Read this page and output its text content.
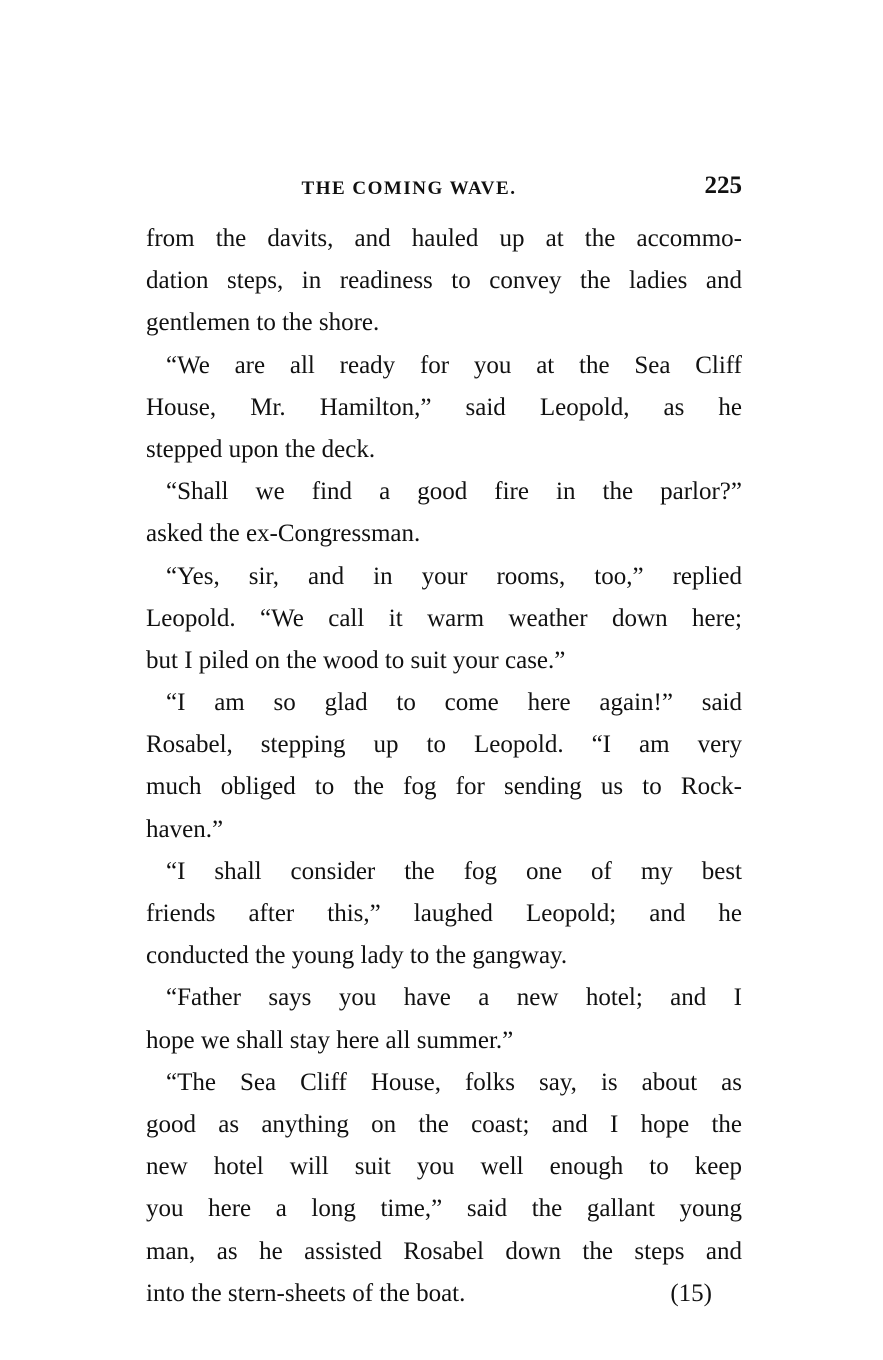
THE COMING WAVE.	225
from the davits, and hauled up at the accommo-
dation steps, in readiness to convey the ladies and
gentlemen to the shore.
“We are all ready for you at the Sea Cliff
House, Mr. Hamilton,” said Leopold, as he
stepped upon the deck.
“Shall we find a good fire in the parlor?”
asked the ex-Congressman.
“Yes, sir, and in your rooms, too,” replied
Leopold. “We call it warm weather down here;
but I piled on the wood to suit your case.”
“I am so glad to come here again!” said
Rosabel, stepping up to Leopold. “I am very
much obliged to the fog for sending us to Rock-
haven.”
“I shall consider the fog one of my best
friends after this,” laughed Leopold; and he
conducted the young lady to the gangway.
“Father says you have a new hotel; and I
hope we shall stay here all summer.”
“The Sea Cliff House, folks say, is about as
good as anything on the coast; and I hope the
new hotel will suit you well enough to keep
you here a long time,” said the gallant young
man, as he assisted Rosabel down the steps and
into the stern-sheets of the boat.	(15)
